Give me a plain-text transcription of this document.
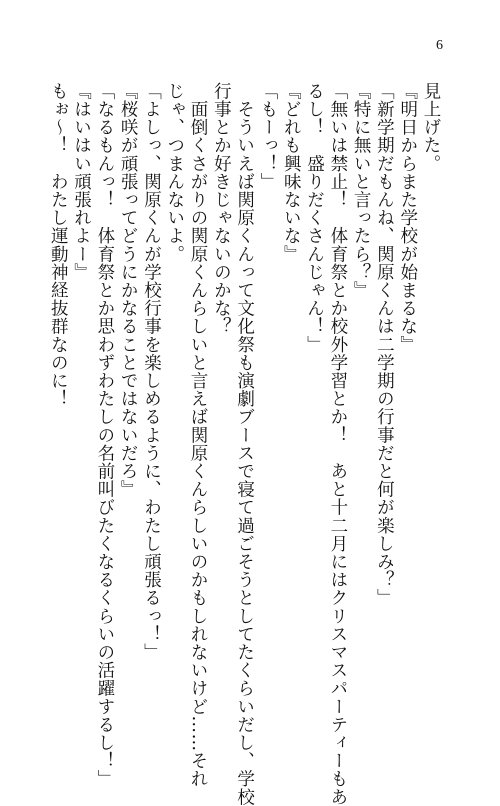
6
見上げた。
『明日からまた学校が始まるな』
「新学期だもんね、関原くんは二学期の行事だと何が楽しみ？」
『特に無いと言ったら？』
「無いは禁止！　体育祭とか校外学習とか！　あと十二月にはクリスマスパーティーもあ
るし！　盛りだくさんじゃん！」
『どれも興味ないな』
「もーっ！」
　そういえば関原くんって文化祭も演劇ブースで寝て過ごそうとしてたくらいだし、学校
行事とか好きじゃないのかな？
　面倒くさがりの関原くんらしいと言えば関原くんらしいのかもしれないけど……それ
じゃ、つまんないよ。
「よしっ、関原くんが学校行事を楽しめるように、わたし頑張るっ！」
『桜咲が頑張ってどうにかなることではないだろ』
「なるもんっ！　体育祭とか思わずわたしの名前叫びたくなるくらいの活躍するし！」
『はいはい頑張れよー』
もぉ～！　わたし運動神経抜群なのに！
